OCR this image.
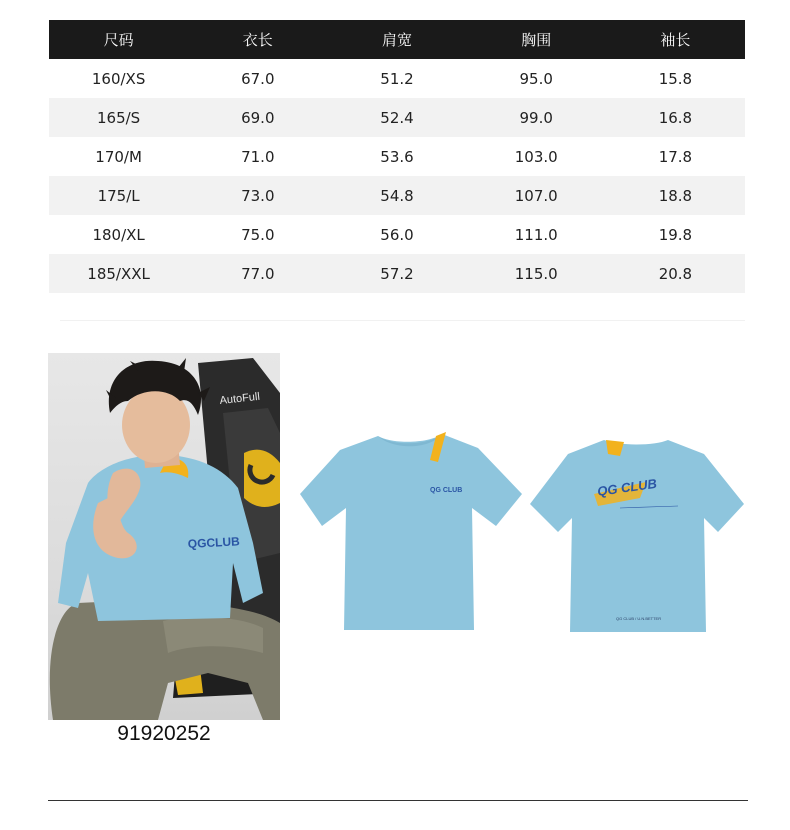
尺码	衣长	肩宽	胸围	袖长
160/XS	67.0	51.2	95.0	15.8
165/S	69.0	52.4	99.0	16.8
170/M	71.0	53.6	103.0	17.8
175/L	73.0	54.8	107.0	18.8
180/XL	75.0	56.0	111.0	19.8
185/XXL	77.0	57.2	115.0	20.8
AutoFull
QGCLUB
91920252
QG CLUB	QG CLUB
QG CLUB / U.N.BETTER
